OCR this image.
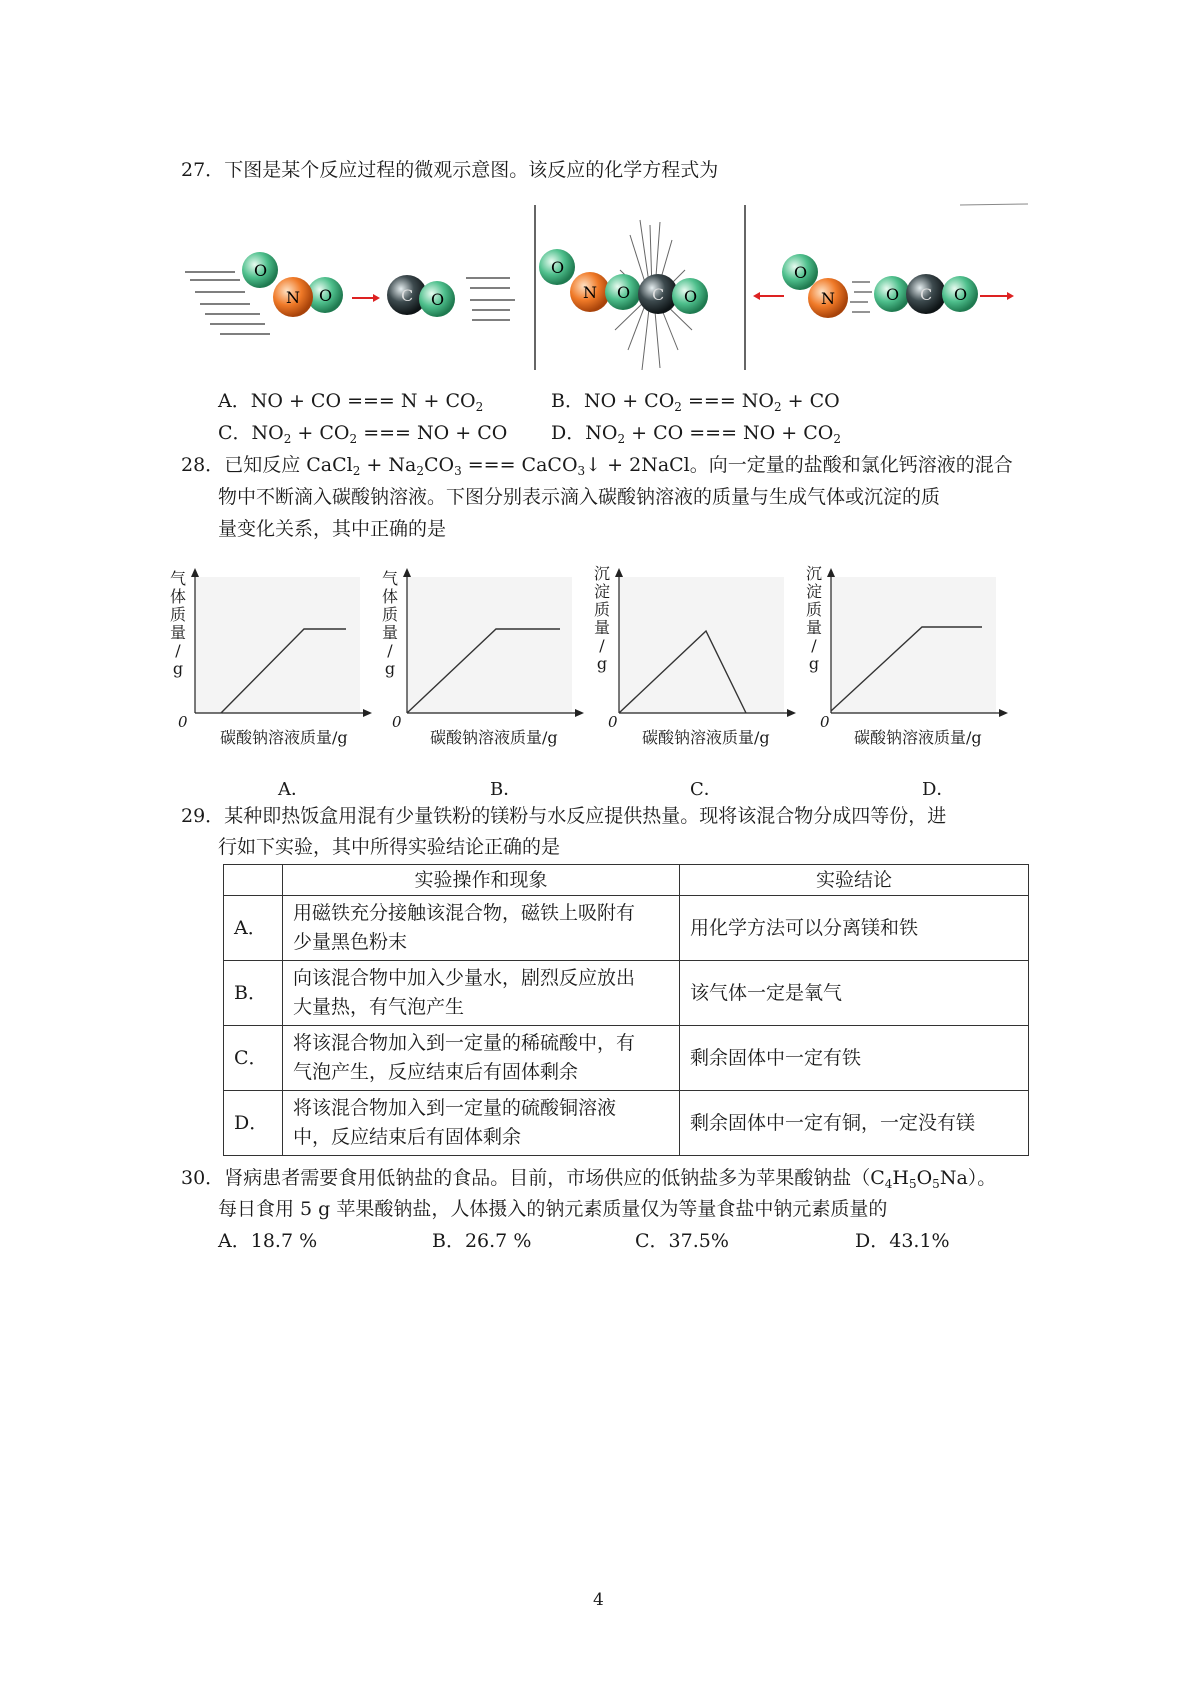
27．下图是某个反应过程的微观示意图。该反应的化学方程式为
O
N O	C O
O
N O C O
O
N	O C O
A．NO + CO === $N + CO_2$	B．NO + $CO_2$ === $NO_2$ + CO
C．$NO_2 + CO_2$ === NO + CO D．$NO_2$ + CO === NO + $CO_2$
28．已知反应 CaCl$_2$ + $Na_2CO_3$ === CaCO$_3$↓ + 2NaCl。向一定量的盐酸和氯化钙溶液的混合
物中不断滴入碳酸钠溶液。下图分别表示滴入碳酸钠溶液的质量与生成气体或沉淀的质
量变化关系，其中正确的是
气
体
质
量
/
g
0
碳酸钠溶液质量/g
A．
气
体
质
量
/
g
0
碳酸钠溶液质量/g
B．
沉
淀
质
量
/
g
0
碳酸钠溶液质量/g
C．
沉
淀
质
量
/
g
0
碳酸钠溶液质量/g
D．
29．某种即热饭盒用混有少量铁粉的镁粉与水反应提供热量。现将该混合物分成四等份，进
行如下实验，其中所得实验结论正确的是
	实验操作和现象	实验结论
A．	用磁铁充分接触该混合物，磁铁上吸附有
少量黑色粉末	用化学方法可以分离镁和铁
B．	向该混合物中加入少量水，剧烈反应放出
大量热，有气泡产生	该气体一定是氧气
C．	将该混合物加入到一定量的稀硫酸中，有
气泡产生，反应结束后有固体剩余	剩余固体中一定有铁
D．	将该混合物加入到一定量的硫酸铜溶液
中，反应结束后有固体剩余	剩余固体中一定有铜，一定没有镁
30．肾病患者需要食用低钠盐的食品。目前，市场供应的低钠盐多为苹果酸钠盐$(C_4H_5O_5Na)$。
每日食用 5 g 苹果酸钠盐，人体摄入的钠元素质量仅为等量食盐中钠元素质量的
A．18.7 %	B．26.7 %	C．37.5%	D．43.1%
4
